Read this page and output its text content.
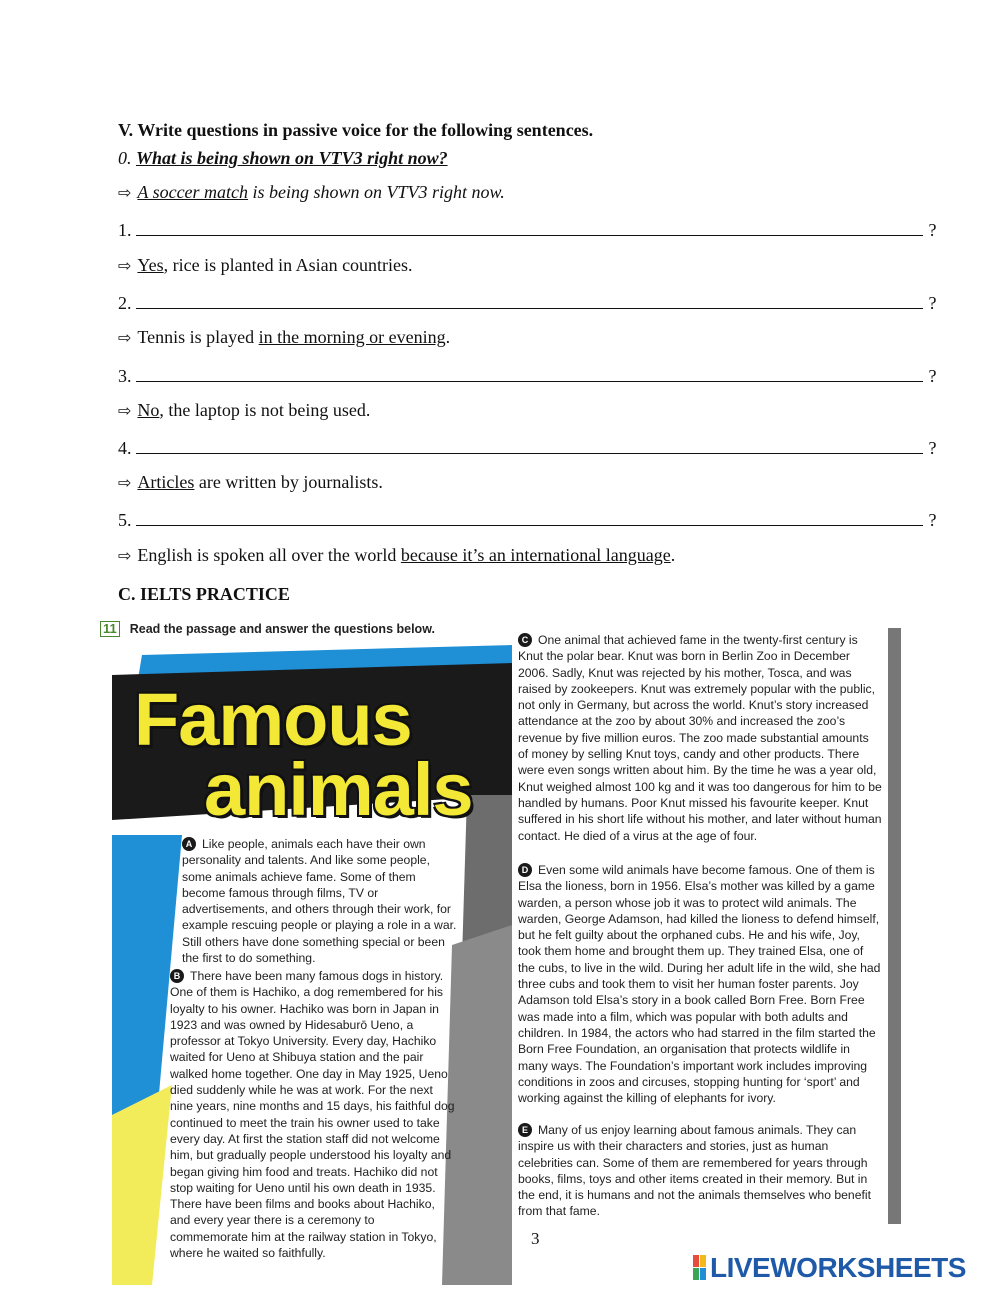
V. Write questions in passive voice for the following sentences.
0. What is being shown on VTV3 right now?
⇨ A soccer match is being shown on VTV3 right now.
1.	?
⇨ Yes, rice is planted in Asian countries.
2.	?
⇨ Tennis is played in the morning or evening.
3.	?
⇨ No, the laptop is not being used.
4.	?
⇨ Articles are written by journalists.
5.	?
⇨ English is spoken all over the world because it’s an international language.
C. IELTS PRACTICE
11 Read the passage and answer the questions below.
Famous
animals
A Like people, animals each have their own personality and talents. And like some people, some animals achieve fame. Some of them become famous through films, TV or advertisements, and others through their work, for example rescuing people or playing a role in a war. Still others have done something special or been the first to do something.
B There have been many famous dogs in history. One of them is Hachiko, a dog remembered for his loyalty to his owner. Hachiko was born in Japan in 1923 and was owned by Hidesaburō Ueno, a professor at Tokyo University. Every day, Hachiko waited for Ueno at Shibuya station and the pair walked home together. One day in May 1925, Ueno died suddenly while he was at work. For the next nine years, nine months and 15 days, his faithful dog continued to meet the train his owner used to take every day. At first the station staff did not welcome him, but gradually people understood his loyalty and began giving him food and treats. Hachiko did not stop waiting for Ueno until his own death in 1935. There have been films and books about Hachiko, and every year there is a ceremony to commemorate him at the railway station in Tokyo, where he waited so faithfully.
C One animal that achieved fame in the twenty-first century is Knut the polar bear. Knut was born in Berlin Zoo in December 2006. Sadly, Knut was rejected by his mother, Tosca, and was raised by zookeepers. Knut was extremely popular with the public, not only in Germany, but across the world. Knut’s story increased attendance at the zoo by about 30% and increased the zoo’s revenue by five million euros. The zoo made substantial amounts of money by selling Knut toys, candy and other products. There were even songs written about him. By the time he was a year old, Knut weighed almost 100 kg and it was too dangerous for him to be handled by humans. Poor Knut missed his favourite keeper. Knut suffered in his short life without his mother, and later without human contact. He died of a virus at the age of four.
D Even some wild animals have become famous. One of them is Elsa the lioness, born in 1956. Elsa’s mother was killed by a game warden, a person whose job it was to protect wild animals. The warden, George Adamson, had killed the lioness to defend himself, but he felt guilty about the orphaned cubs. He and his wife, Joy, took them home and brought them up. They trained Elsa, one of the cubs, to live in the wild. During her adult life in the wild, she had three cubs and took them to visit her human foster parents. Joy Adamson told Elsa’s story in a book called Born Free. Born Free was made into a film, which was popular with both adults and children. In 1984, the actors who had starred in the film started the Born Free Foundation, an organisation that protects wildlife in many ways. The Foundation’s important work includes improving conditions in zoos and circuses, stopping hunting for ‘sport’ and working against the killing of elephants for ivory.
E Many of us enjoy learning about famous animals. They can inspire us with their characters and stories, just as human celebrities can. Some of them are remembered for years through books, films, toys and other items created in their memory. But in the end, it is humans and not the animals themselves who benefit from that fame.
3
LIVEWORKSHEETS
